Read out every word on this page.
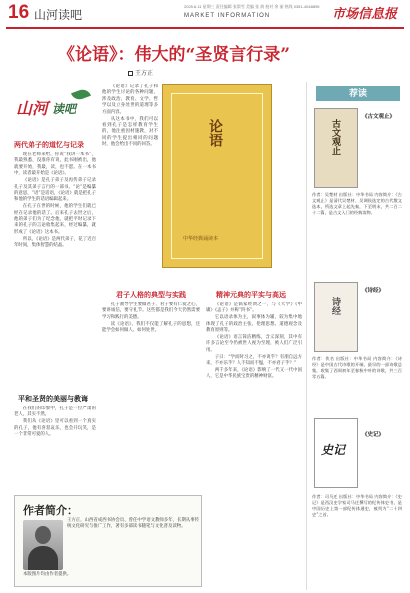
16 山河读吧
2025.6.11 星期三 责任编辑 张祭雪 美编 张 倩 校对 余 丽 热线 0351-4048895
MARKET INFORMATION	市场信息报
《论语》：伟大的“圣贤言行录”
王方正
山河 读吧
两代弟子的道忆与记录

现在老师来给，你说“我讲一本书”，我最熟悉，没准你有说，此书刚被出，他就要开始，我最，读，也不愿。在一本书中，读者最开始是《论语》。

《论语》是孔子弟子及再传弟子记录孔子及其弟子言行的一部书。“论”是编纂的意思，“语”是话语，《论语》就是把孔子和他的学生的话语编辑起来。

在孔子在世的时候，他的学生们就已经在记录他的话了。后来孔子去世之后，他的弟子们为了纪念他，就把平时记录下来的孔子的言论收集起来，经过编纂，就形成了《论语》这本书。

所以，《论语》是两代弟子，花了近百年时间，集体智慧的结晶。

平和圣贤的美丽与教诲

在我们的印象中，孔子是一位严肃的老人，其实不然。

我们从《论语》里可以看到一个真实的孔子，他有喜怒哀乐，也会开玩笑，是一个非常可爱的人。

《论语》记录了孔子和他的学生讨论的各种问题，涉及政治、教育、文学、哲学以及立身处世的道理等多方面内容。

从这本书中，我们可以看到孔子是怎样教育学生的，他注重因材施教，对不同的学生提出相同的问题时，他会给出不同的回答。	论语
中华经典诵读本
君子人格的典型与实践

孔子教导学生要做君子，君子要有仁爱之心，要讲诚信，要守礼节。这些都是我们今天仍然需要学习和践行的美德。

读《论语》，我们不仅能了解孔子的思想，还能学会如何做人、如何处世。

精神元典的平实与高远

《论语》是儒家经典之一，与《大学》《中庸》《孟子》并称“四书”。

它以语录体为主，叙事体为辅，较为集中地体现了孔子的政治主张、伦理思想、道德观念及教育原则等。

《论语》语言简洁精练，含义深刻，其中有许多言论至今仍被世人视为至理，被人们广泛引用。

子曰：“学而时习之，不亦说乎？有朋自远方来，不亦乐乎？人不知而不愠，不亦君子乎？”

两千多年来，《论语》影响了一代又一代中国人，它是中华民族宝贵的精神财富。

作者简介：
王方正，山西省成西书协会员、曾任中学语文教师多年，长期从事传统文化研究与推广工作，著有多部读书随笔与文化普及读物。
本版图片均由作者提供。
荐读
古文观止
《古文观止》
作者：吴楚材 出版社：中华书局 内容简介：《古文观止》是清代吴楚材、吴调侯选定的古代散文选本，所选文章上起先秦，下至明末，共二百二十二篇，是古文入门的经典读物。
诗经
《诗经》
作者：佚名 出版社：中华书局 内容简介：《诗经》是中国古代诗歌的开端，最早的一部诗歌总集，收集了西周初年至春秋中叶的诗歌，共三百零五篇。
史记
《史记》
作者：司马迁 出版社：中华书局 内容简介：《史记》是西汉史学家司马迁撰写的纪传体史书，是中国历史上第一部纪传体通史，被列为“二十四史”之首。
